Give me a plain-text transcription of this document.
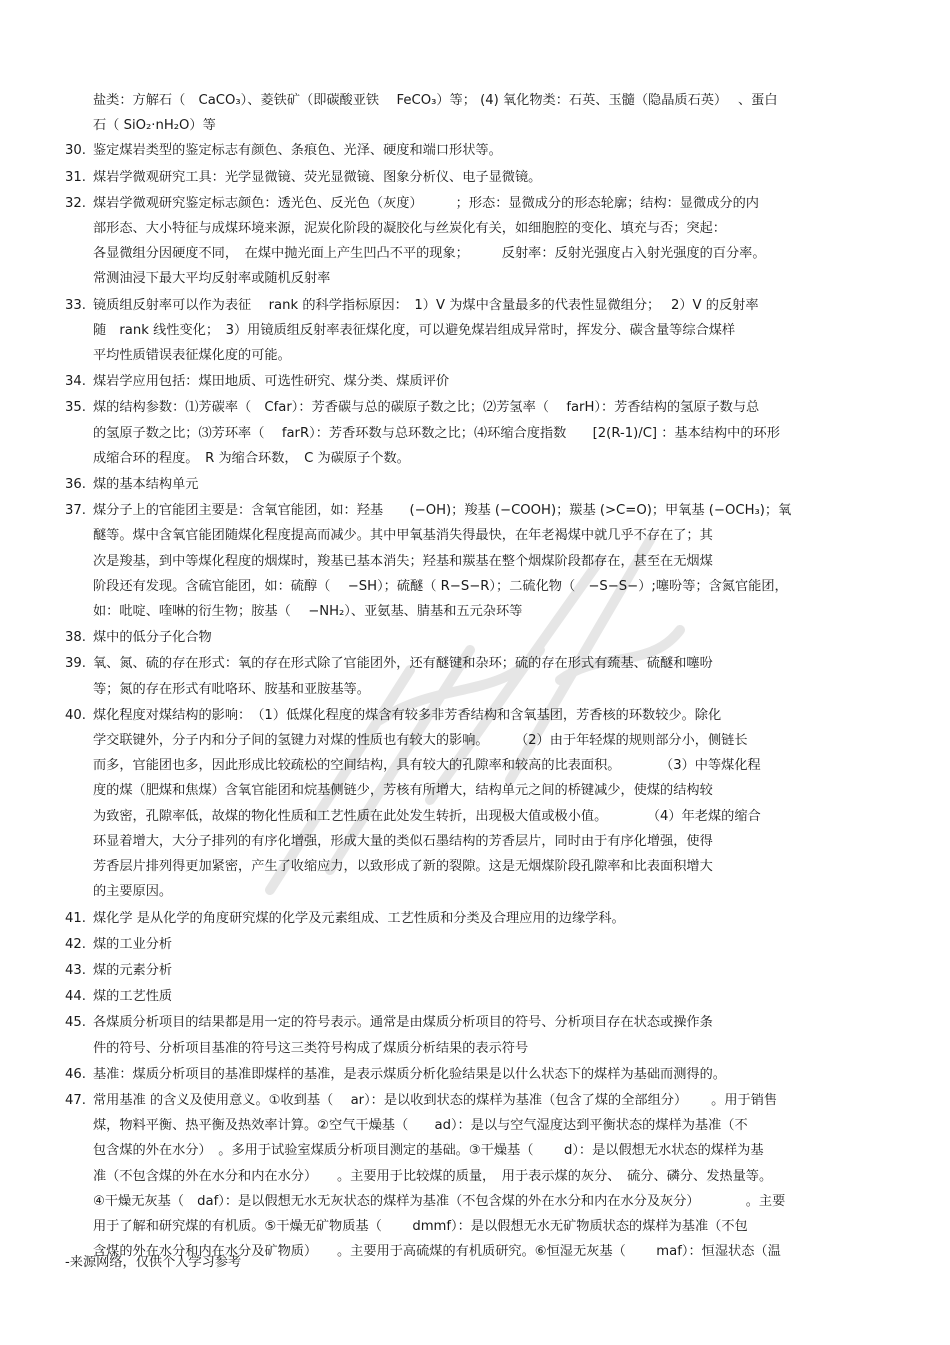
盐类：方解石（　CaCO₃）、菱铁矿（即碳酸亚铁　 FeCO₃）等； (4) 氧化物类：石英、玉髓（隐晶质石英）　 、蛋白
石（ SiO₂·nH₂O）等
30. 鉴定煤岩类型的鉴定标志有颜色、条痕色、光泽、硬度和端口形状等。
31. 煤岩学微观研究工具：光学显微镜、荧光显微镜、图象分析仪、电子显微镜。
32. 煤岩学微观研究鉴定标志颜色：透光色、反光色（灰度）　　　；形态：显微成分的形态轮廓；结构：显微成分的内
部形态、大小特征与成煤环境来源，泥炭化阶段的凝胶化与丝炭化有关，如细胞腔的变化、填充与否；突起：
各显微组分因硬度不同，　在煤中抛光面上产生凹凸不平的现象；　　　反射率：反射光强度占入射光强度的百分率。
常测油浸下最大平均反射率或随机反射率
33. 镜质组反射率可以作为表征　 rank 的科学指标原因：　1）V 为煤中含量最多的代表性显微组分；　 2）V 的反射率
随　rank 线性变化；　3）用镜质组反射率表征煤化度，可以避免煤岩组成异常时，挥发分、碳含量等综合煤样
平均性质错误表征煤化度的可能。
34. 煤岩学应用包括：煤田地质、可选性研究、煤分类、煤质评价
35. 煤的结构参数：⑴芳碳率（　Cfar）：芳香碳与总的碳原子数之比；⑵芳氢率（　 farH）：芳香结构的氢原子数与总
的氢原子数之比；⑶芳环率（　 farR）：芳香环数与总环数之比；⑷环缩合度指数　　[2(R-1)/C] ：基本结构中的环形
成缩合环的程度。　R 为缩合环数，　C 为碳原子个数。
36. 煤的基本结构单元
37. 煤分子上的官能团主要是：含氧官能团，如：羟基　　(−OH)；羧基 (−COOH)；羰基 (>C=O)；甲氧基 (−OCH₃)；氧
醚等。煤中含氧官能团随煤化程度提高而减少。其中甲氧基消失得最快，在年老褐煤中就几乎不存在了；其
次是羧基，到中等煤化程度的烟煤时，羧基已基本消失；羟基和羰基在整个烟煤阶段都存在，甚至在无烟煤
阶段还有发现。含硫官能团，如：硫醇（　 −SH）；硫醚（ R−S−R）；二硫化物（　−S−S−）;噻吩等；含氮官能团，
如：吡啶、喹啉的衍生物；胺基（　 −NH₂）、亚氨基、腈基和五元杂环等
38. 煤中的低分子化合物
39. 氧、氮、硫的存在形式：氧的存在形式除了官能团外，还有醚键和杂环；硫的存在形式有巯基、硫醚和噻吩
等；氮的存在形式有吡咯环、胺基和亚胺基等。
40. 煤化程度对煤结构的影响：　（1）低煤化程度的煤含有较多非芳香结构和含氧基团，芳香核的环数较少。除化
学交联键外，分子内和分子间的氢键力对煤的性质也有较大的影响。　　　（2）由于年轻煤的规则部分小，侧链长
而多，官能团也多，因此形成比较疏松的空间结构，具有较大的孔隙率和较高的比表面积。　　　　（3）中等煤化程
度的煤（肥煤和焦煤）含氧官能团和烷基侧链少，芳核有所增大，结构单元之间的桥键减少，使煤的结构较
为致密，孔隙率低，故煤的物化性质和工艺性质在此处发生转折，出现极大值或极小值。　　　　（4）年老煤的缩合
环显着增大，大分子排列的有序化增强，形成大量的类似石墨结构的芳香层片，同时由于有序化增强，使得
芳香层片排列得更加紧密，产生了收缩应力，以致形成了新的裂隙。这是无烟煤阶段孔隙率和比表面积增大
的主要原因。
41. 煤化学 是从化学的角度研究煤的化学及元素组成、工艺性质和分类及合理应用的边缘学科。
42. 煤的工业分析
43. 煤的元素分析
44. 煤的工艺性质
45. 各煤质分析项目的结果都是用一定的符号表示。通常是由煤质分析项目的符号、分析项目存在状态或操作条
件的符号、分析项目基准的符号这三类符号构成了煤质分析结果的表示符号
46. 基准：煤质分析项目的基准即煤样的基准，是表示煤质分析化验结果是以什么状态下的煤样为基础而测得的。
47. 常用基准 的含义及使用意义。①收到基（　 ar）：是以收到状态的煤样为基准（包含了煤的全部组分）　　 。用于销售
煤，物料平衡、热平衡及热效率计算。②空气干燥基（　　ad）：是以与空气湿度达到平衡状态的煤样为基准（不
包含煤的外在水分）　。多用于试验室煤质分析项目测定的基础。③干燥基（　　 d）：是以假想无水状态的煤样为基
准（不包含煤的外在水分和内在水分）　　。主要用于比较煤的质量，　用于表示煤的灰分、　硫分、磷分、发热量等。
④干燥无灰基（　daf）：是以假想无水无灰状态的煤样为基准（不包含煤的外在水分和内在水分及灰分）　　　　。主要
用于了解和研究煤的有机质。⑤干燥无矿物质基（　　 dmmf）：是以假想无水无矿物质状态的煤样为基准（不包
含煤的外在水分和内在水分及矿物质）　　。主要用于高硫煤的有机质研究。⑥恒湿无灰基（　　 maf）：恒湿状态（温
-来源网络，仅供个人学习参考
